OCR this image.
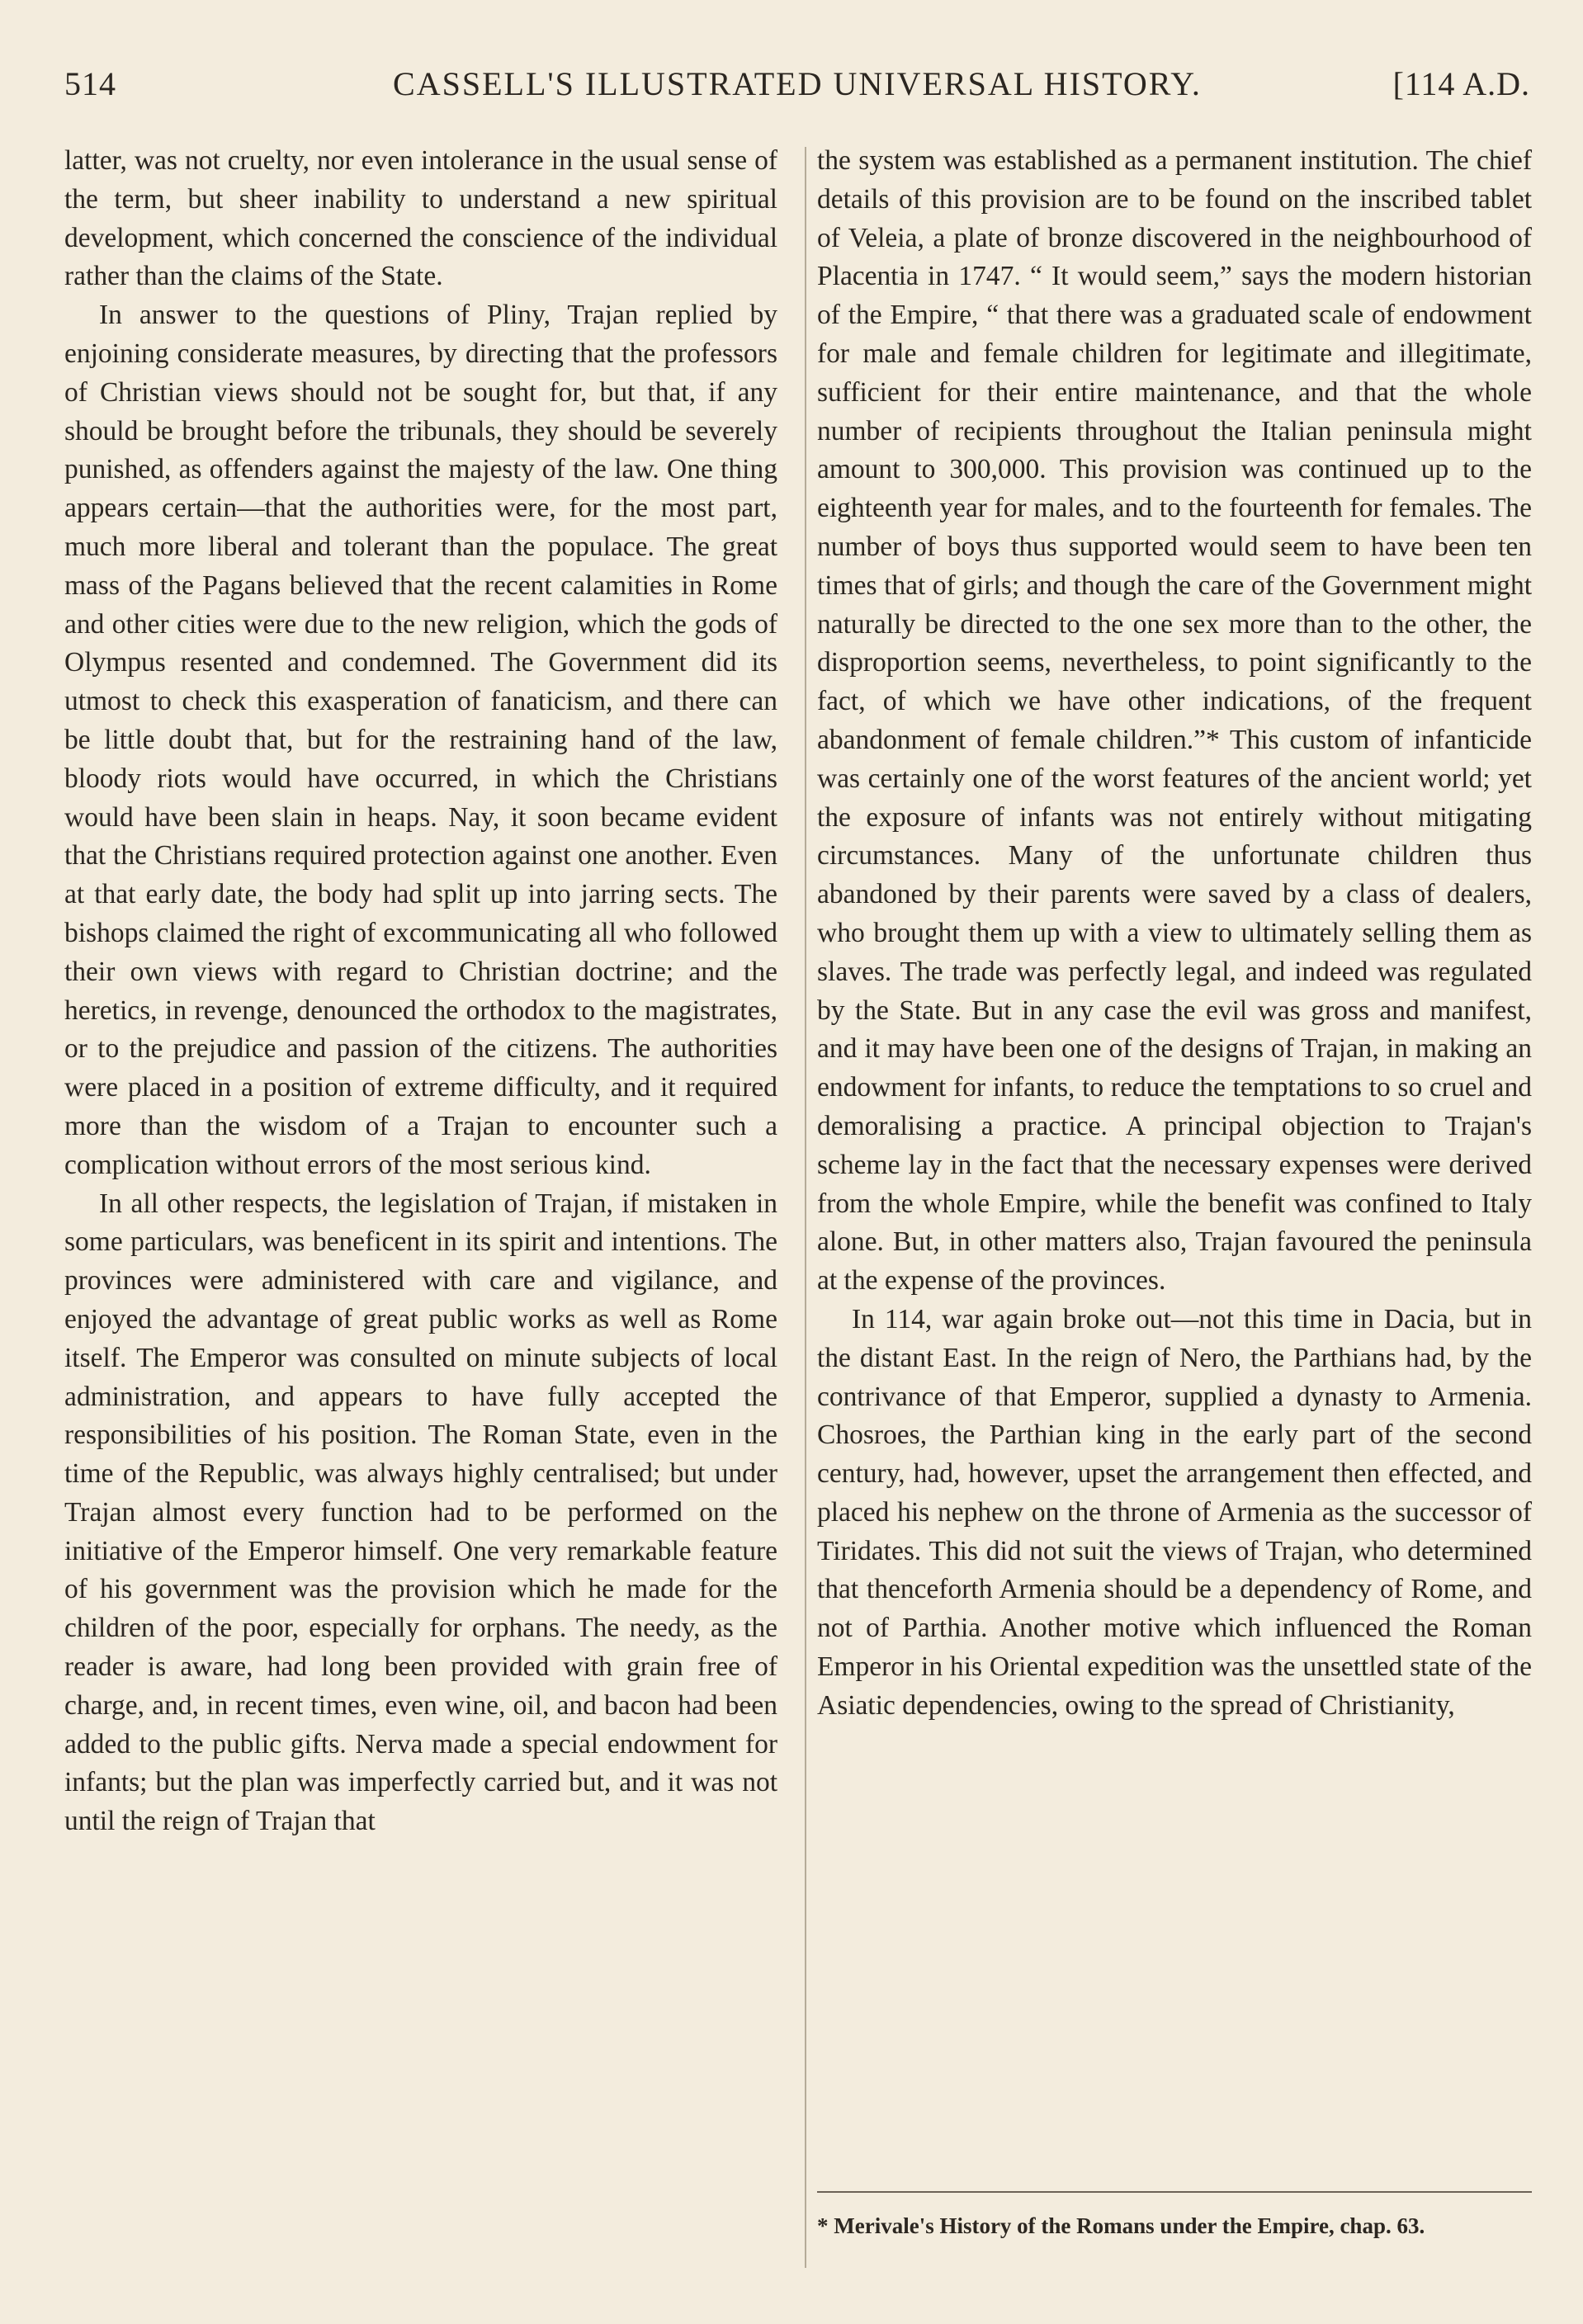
514	CASSELL'S ILLUSTRATED UNIVERSAL HISTORY.	[114 A.D.

latter, was not cruelty, nor even intolerance in the usual sense of the term, but sheer inability to understand a new spiritual development, which concerned the conscience of the individual rather than the claims of the State.

In answer to the questions of Pliny, Trajan replied by enjoining considerate measures, by directing that the professors of Christian views should not be sought for, but that, if any should be brought before the tribunals, they should be severely punished, as offenders against the majesty of the law. One thing appears certain—that the authorities were, for the most part, much more liberal and tolerant than the populace. The great mass of the Pagans believed that the recent calamities in Rome and other cities were due to the new religion, which the gods of Olympus resented and condemned. The Government did its utmost to check this exasperation of fanaticism, and there can be little doubt that, but for the restraining hand of the law, bloody riots would have occurred, in which the Christians would have been slain in heaps. Nay, it soon became evident that the Christians required protection against one another. Even at that early date, the body had split up into jarring sects. The bishops claimed the right of excommunicating all who followed their own views with regard to Christian doctrine; and the heretics, in revenge, denounced the orthodox to the magistrates, or to the prejudice and passion of the citizens. The authorities were placed in a position of extreme difficulty, and it required more than the wisdom of a Trajan to encounter such a complication without errors of the most serious kind.

In all other respects, the legislation of Trajan, if mistaken in some particulars, was beneficent in its spirit and intentions. The provinces were administered with care and vigilance, and enjoyed the advantage of great public works as well as Rome itself. The Emperor was consulted on minute subjects of local administration, and appears to have fully accepted the responsibilities of his position. The Roman State, even in the time of the Republic, was always highly centralised; but under Trajan almost every function had to be performed on the initiative of the Emperor himself. One very remarkable feature of his government was the provision which he made for the children of the poor, especially for orphans. The needy, as the reader is aware, had long been provided with grain free of charge, and, in recent times, even wine, oil, and bacon had been added to the public gifts. Nerva made a special endowment for infants; but the plan was imperfectly carried but, and it was not until the reign of Trajan that

the system was established as a permanent institution. The chief details of this provision are to be found on the inscribed tablet of Veleia, a plate of bronze discovered in the neighbourhood of Placentia in 1747. “ It would seem,” says the modern historian of the Empire, “ that there was a graduated scale of endowment for male and female children for legitimate and illegitimate, sufficient for their entire maintenance, and that the whole number of recipients throughout the Italian peninsula might amount to 300,000. This provision was continued up to the eighteenth year for males, and to the fourteenth for females. The number of boys thus supported would seem to have been ten times that of girls; and though the care of the Government might naturally be directed to the one sex more than to the other, the disproportion seems, nevertheless, to point significantly to the fact, of which we have other indications, of the frequent abandonment of female children.”* This custom of infanticide was certainly one of the worst features of the ancient world; yet the exposure of infants was not entirely without mitigating circumstances. Many of the unfortunate children thus abandoned by their parents were saved by a class of dealers, who brought them up with a view to ultimately selling them as slaves. The trade was perfectly legal, and indeed was regulated by the State. But in any case the evil was gross and manifest, and it may have been one of the designs of Trajan, in making an endowment for infants, to reduce the temptations to so cruel and demoralising a practice. A principal objection to Trajan's scheme lay in the fact that the necessary expenses were derived from the whole Empire, while the benefit was confined to Italy alone. But, in other matters also, Trajan favoured the peninsula at the expense of the provinces.

In 114, war again broke out—not this time in Dacia, but in the distant East. In the reign of Nero, the Parthians had, by the contrivance of that Emperor, supplied a dynasty to Armenia. Chosroes, the Parthian king in the early part of the second century, had, however, upset the arrangement then effected, and placed his nephew on the throne of Armenia as the successor of Tiridates. This did not suit the views of Trajan, who determined that thenceforth Armenia should be a dependency of Rome, and not of Parthia. Another motive which influenced the Roman Emperor in his Oriental expedition was the unsettled state of the Asiatic dependencies, owing to the spread of Christianity,

* Merivale's History of the Romans under the Empire, chap. 63.
